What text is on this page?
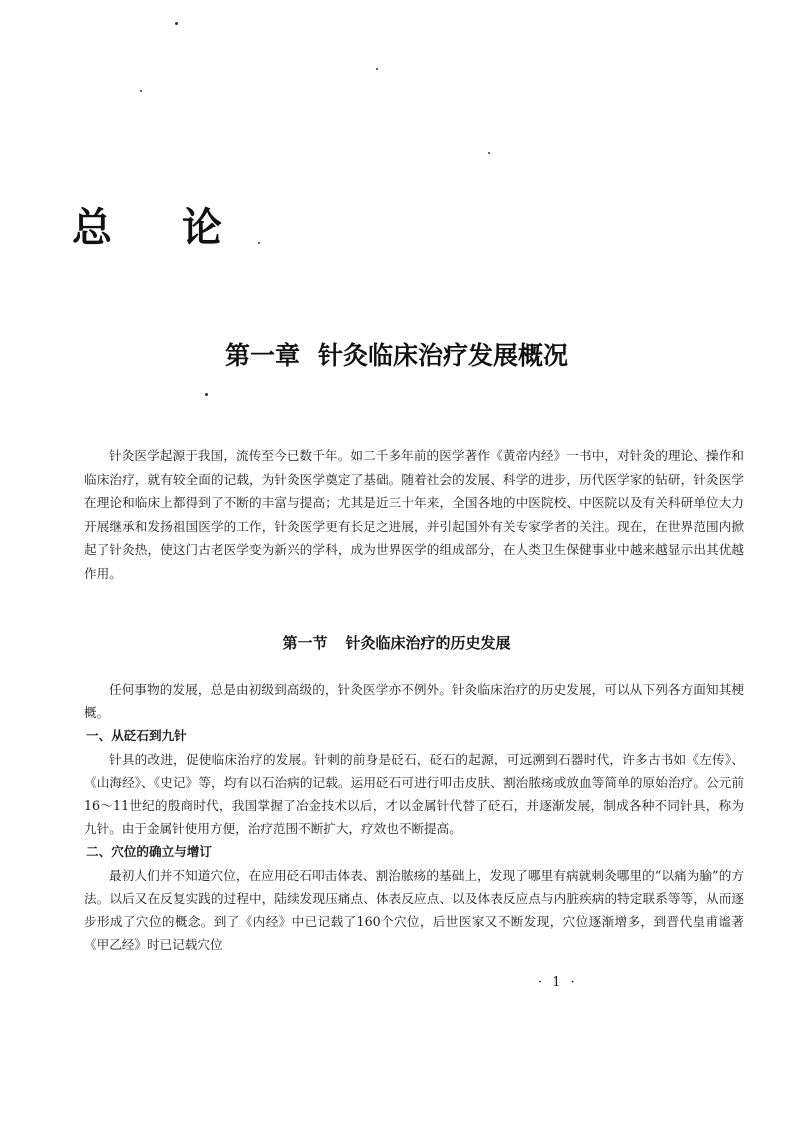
总 论
第一章 针灸临床治疗发展概况

针灸医学起源于我国，流传至今已数千年。如二千多年前的医学著作《黄帝内经》一书中，对针灸的理论、操作和临床治疗，就有较全面的记载，为针灸医学奠定了基础。随着社会的发展、科学的进步，历代医学家的钻研，针灸医学在理论和临床上都得到了不断的丰富与提高；尤其是近三十年来，全国各地的中医院校、中医院以及有关科研单位大力开展继承和发扬祖国医学的工作，针灸医学更有长足之进展，并引起国外有关专家学者的关注。现在，在世界范围内掀起了针灸热，使这门古老医学变为新兴的学科，成为世界医学的组成部分，在人类卫生保健事业中越来越显示出其优越作用。

第一节 针灸临床治疗的历史发展

任何事物的发展，总是由初级到高级的，针灸医学亦不例外。针灸临床治疗的历史发展，可以从下列各方面知其梗概。

一、从砭石到九针

针具的改进，促使临床治疗的发展。针刺的前身是砭石，砭石的起源，可远溯到石器时代，许多古书如《左传》、《山海经》、《史记》等，均有以石治病的记载。运用砭石可进行叩击皮肤、割治脓疡或放血等简单的原始治疗。公元前16～11世纪的殷商时代，我国掌握了冶金技术以后，才以金属针代替了砭石，并逐渐发展，制成各种不同针具，称为九针。由于金属针使用方便，治疗范围不断扩大，疗效也不断提高。

二、穴位的确立与增订

最初人们并不知道穴位，在应用砭石叩击体表、割治脓疡的基础上，发现了哪里有病就刺灸哪里的“以痛为腧”的方法。以后又在反复实践的过程中，陆续发现压痛点、体表反应点、以及体表反应点与内脏疾病的特定联系等等，从而逐步形成了穴位的概念。到了《内经》中已记载了160个穴位，后世医家又不断发现，穴位逐渐增多，到晋代皇甫谧著《甲乙经》时已记载穴位

· 1 ·
